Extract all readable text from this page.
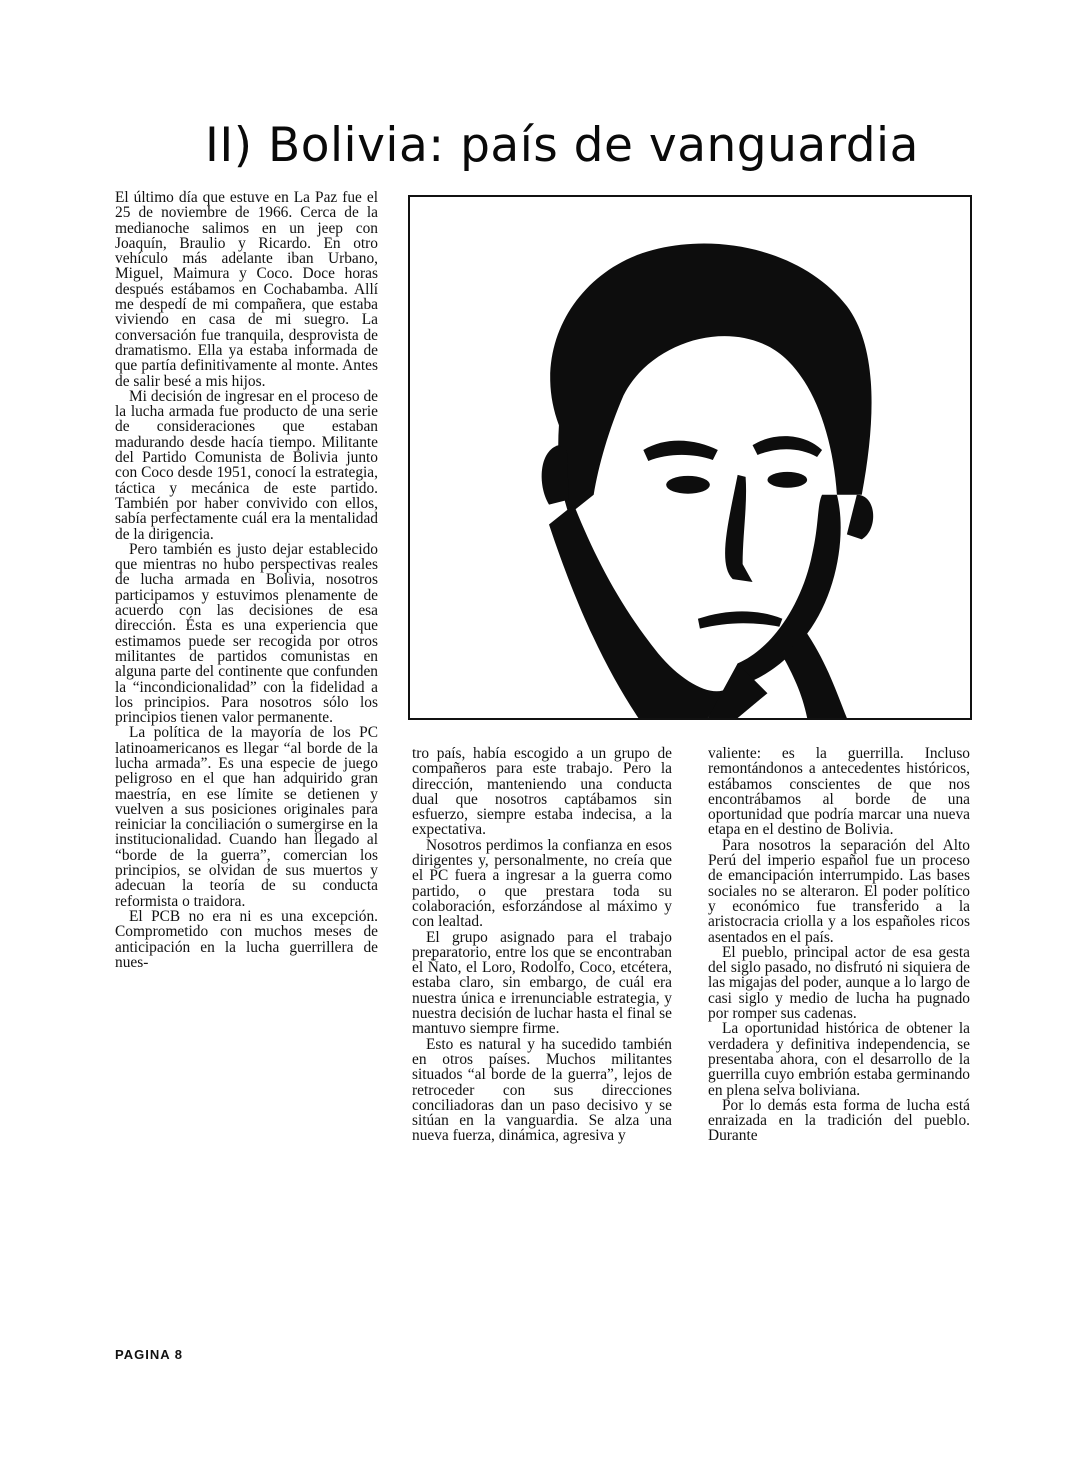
II) Bolivia: país de vanguardia

El último día que estuve en La Paz fue el 25 de noviembre de 1966. Cerca de la medianoche salimos en un jeep con Joaquín, Braulio y Ricardo. En otro vehículo más adelante iban Urbano, Miguel, Maimura y Coco. Doce horas después estábamos en Cochabamba. Allí me despedí de mi compañera, que estaba viviendo en casa de mi suegro. La conversación fue tranquila, desprovista de dramatismo. Ella ya estaba informada de que partía definitivamente al monte. Antes de salir besé a mis hijos.

Mi decisión de ingresar en el proceso de la lucha armada fue producto de una serie de consideraciones que estaban madurando desde hacía tiempo. Militante del Partido Comunista de Bolivia junto con Coco desde 1951, conocí la estrategia, táctica y mecánica de este partido. También por haber convivido con ellos, sabía perfectamente cuál era la mentalidad de la dirigencia.

Pero también es justo dejar establecido que mientras no hubo perspectivas reales de lucha armada en Bolivia, nosotros participamos y estuvimos plenamente de acuerdo con las decisiones de esa dirección. Ésta es una experiencia que estimamos puede ser recogida por otros militantes de partidos comunistas en alguna parte del continente que confunden la “incondicionalidad” con la fidelidad a los principios. Para nosotros sólo los principios tienen valor permanente.

La política de la mayoría de los PC latinoamericanos es llegar “al borde de la lucha armada”. Es una especie de juego peligroso en el que han adquirido gran maestría, en ese límite se detienen y vuelven a sus posiciones originales para reiniciar la conciliación o sumergirse en la institucionalidad. Cuando han llegado al “borde de la guerra”, comercian los principios, se olvidan de sus muertos y adecuan la teoría de su conducta reformista o traidora.

El PCB no era ni es una excepción. Comprometido con muchos meses de anticipación en la lucha guerrillera de nues-

tro país, había escogido a un grupo de compañeros para este trabajo. Pero la dirección, manteniendo una conducta dual que nosotros captábamos sin esfuerzo, siempre estaba indecisa, a la expectativa.

Nosotros perdimos la confianza en esos dirigentes y, personalmente, no creía que el PC fuera a ingresar a la guerra como partido, o que prestara toda su colaboración, esforzándose al máximo y con lealtad.

El grupo asignado para el trabajo preparatorio, entre los que se encontraban el Ñato, el Loro, Rodolfo, Coco, etcétera, estaba claro, sin embargo, de cuál era nuestra única e irrenunciable estrategia, y nuestra decisión de luchar hasta el final se mantuvo siempre firme.

Esto es natural y ha sucedido también en otros países. Muchos militantes situados “al borde de la guerra”, lejos de retroceder con sus direcciones conciliadoras dan un paso decisivo y se sitúan en la vanguardia. Se alza una nueva fuerza, dinámica, agresiva y

valiente: es la guerrilla. Incluso remontándonos a antecedentes históricos, estábamos conscientes de que nos encontrábamos al borde de una oportunidad que podría marcar una nueva etapa en el destino de Bolivia.

Para nosotros la separación del Alto Perú del imperio español fue un proceso de emancipación interrumpido. Las bases sociales no se alteraron. El poder político y económico fue transferido a la aristocracia criolla y a los españoles ricos asentados en el país.

El pueblo, principal actor de esa gesta del siglo pasado, no disfrutó ni siquiera de las migajas del poder, aunque a lo largo de casi siglo y medio de lucha ha pugnado por romper sus cadenas.

La oportunidad histórica de obtener la verdadera y definitiva independencia, se presentaba ahora, con el desarrollo de la guerrilla cuyo embrión estaba germinando en plena selva boliviana.

Por lo demás esta forma de lucha está enraizada en la tradición del pueblo. Durante

PAGINA 8
